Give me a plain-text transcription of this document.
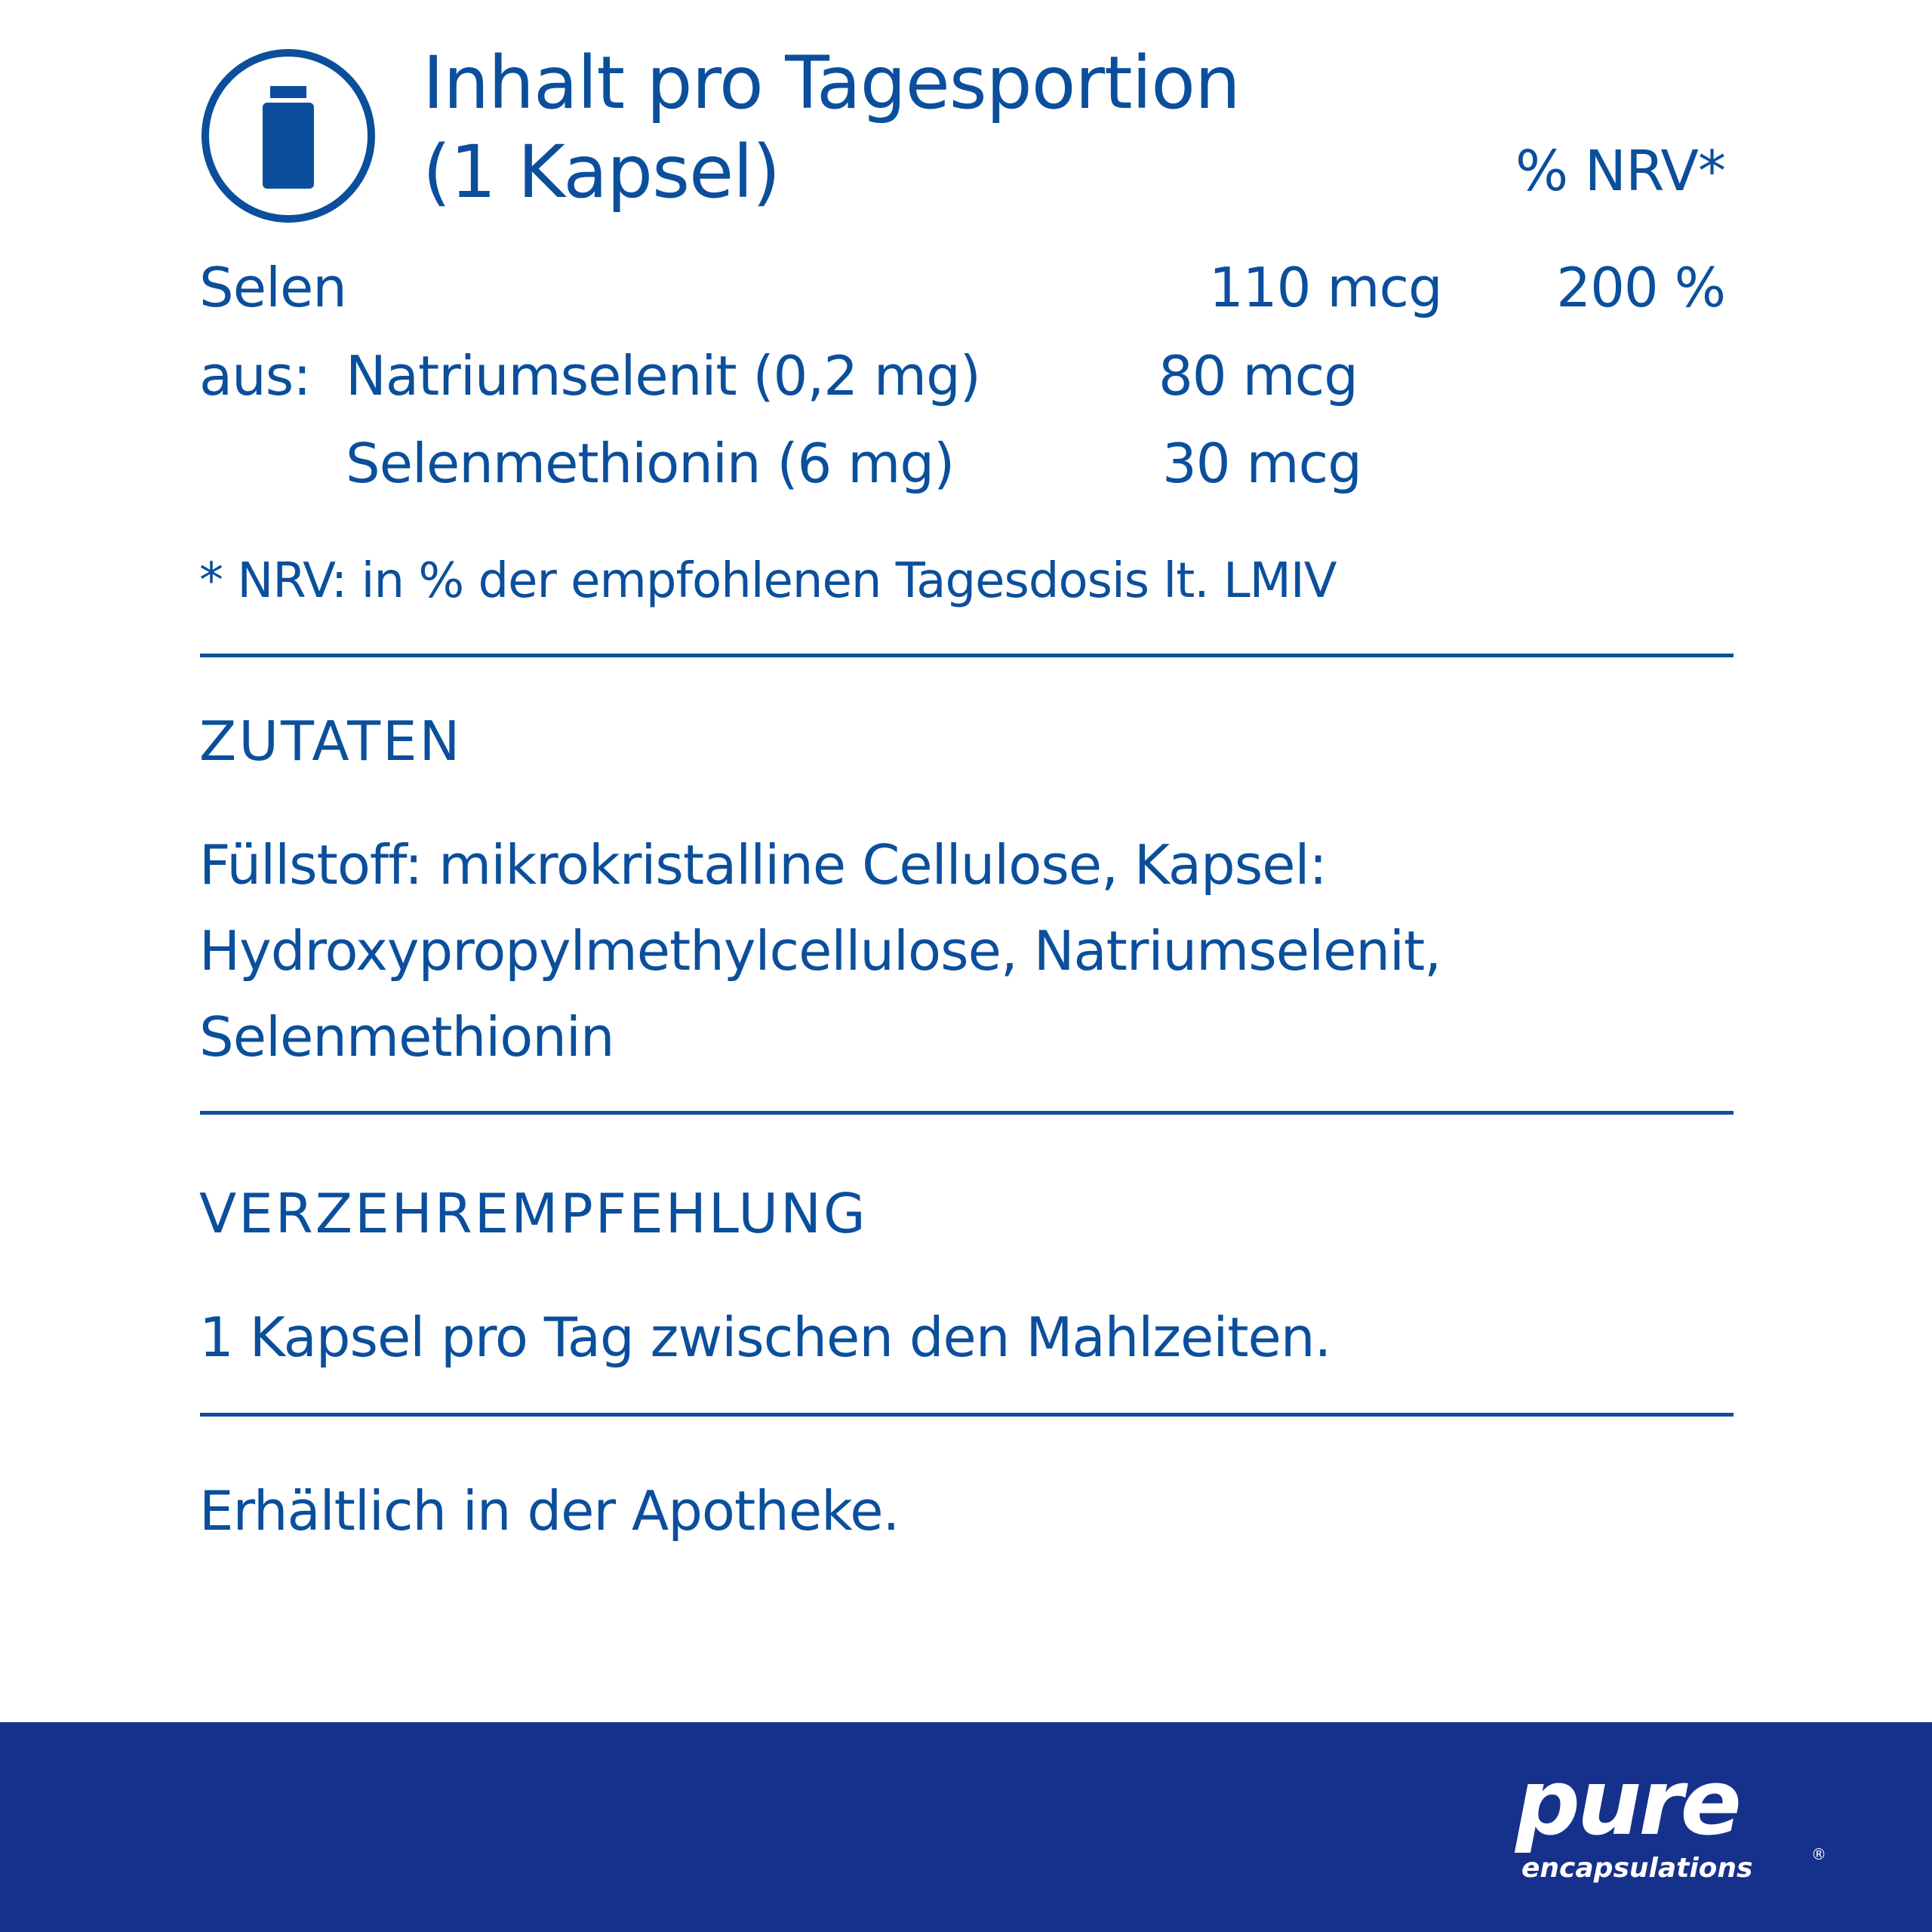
Inhalt pro Tagesportion
(1 Kapsel)	% NRV*
Selen	110 mcg 200 %
aus: Natriumselenit (0,2 mg)	80 mcg
Selenmethionin (6 mg)	30 mcg
* NRV: in % der empfohlenen Tagesdosis lt. LMIV
ZUTATEN
Füllstoff: mikrokristalline Cellulose, Kapsel:
Hydroxypropylmethylcellulose, Natriumselenit,
Selenmethionin
VERZEHREMPFEHLUNG
1 Kapsel pro Tag zwischen den Mahlzeiten.
Erhältlich in der Apotheke.
pure
encapsulations	®
